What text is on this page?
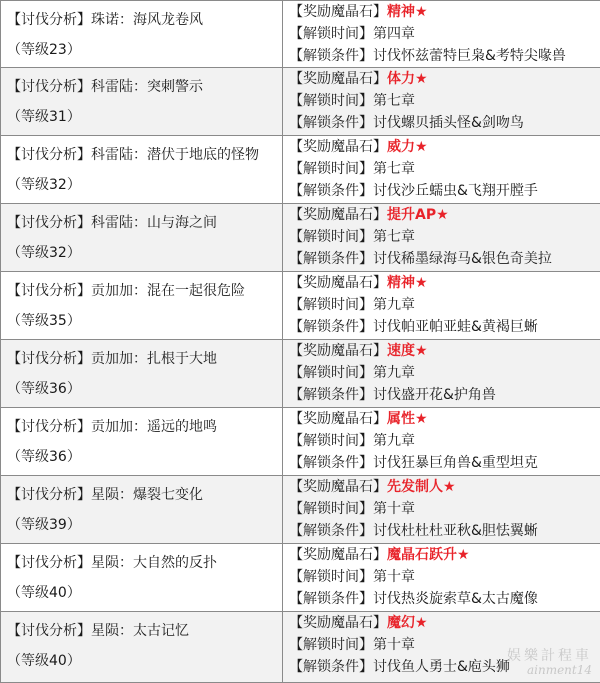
【讨伐分析】珠诺：海风龙卷风
（等级23）	【奖励魔晶石】精神★
【解锁时间】第四章
【解锁条件】讨伐怀兹蕾特巨枭&考特尖喙兽

【讨伐分析】科雷陆：突刺警示
（等级31）	【奖励魔晶石】体力★
【解锁时间】第七章
【解锁条件】讨伐螺贝插头怪&剑吻鸟

【讨伐分析】科雷陆：潜伏于地底的怪物
（等级32）	【奖励魔晶石】威力★
【解锁时间】第七章
【解锁条件】讨伐沙丘蠕虫&飞翔开膛手

【讨伐分析】科雷陆：山与海之间
（等级32）	【奖励魔晶石】提升AP★
【解锁时间】第七章
【解锁条件】讨伐稀墨绿海马&银色奇美拉

【讨伐分析】贡加加：混在一起很危险
（等级35）	【奖励魔晶石】精神★
【解锁时间】第九章
【解锁条件】讨伐帕亚帕亚蛙&黄褐巨蜥

【讨伐分析】贡加加：扎根于大地
（等级36）	【奖励魔晶石】速度★
【解锁时间】第九章
【解锁条件】讨伐盛开花&护角兽

【讨伐分析】贡加加：遥远的地鸣
（等级36）	【奖励魔晶石】属性★
【解锁时间】第九章
【解锁条件】讨伐狂暴巨角兽&重型坦克

【讨伐分析】星陨：爆裂七变化
（等级39）	【奖励魔晶石】先发制人★
【解锁时间】第十章
【解锁条件】讨伐杜杜杜亚秋&胆怯翼蜥

【讨伐分析】星陨：大自然的反扑
（等级40）	【奖励魔晶石】魔晶石跃升★
【解锁时间】第十章
【解锁条件】讨伐热炎旋索草&太古魔像

【讨伐分析】星陨：太古记忆
（等级40）	【奖励魔晶石】魔幻★
【解锁时间】第十章
【解锁条件】讨伐鱼人勇士&庖头狮
娱樂計程車
ainment14
